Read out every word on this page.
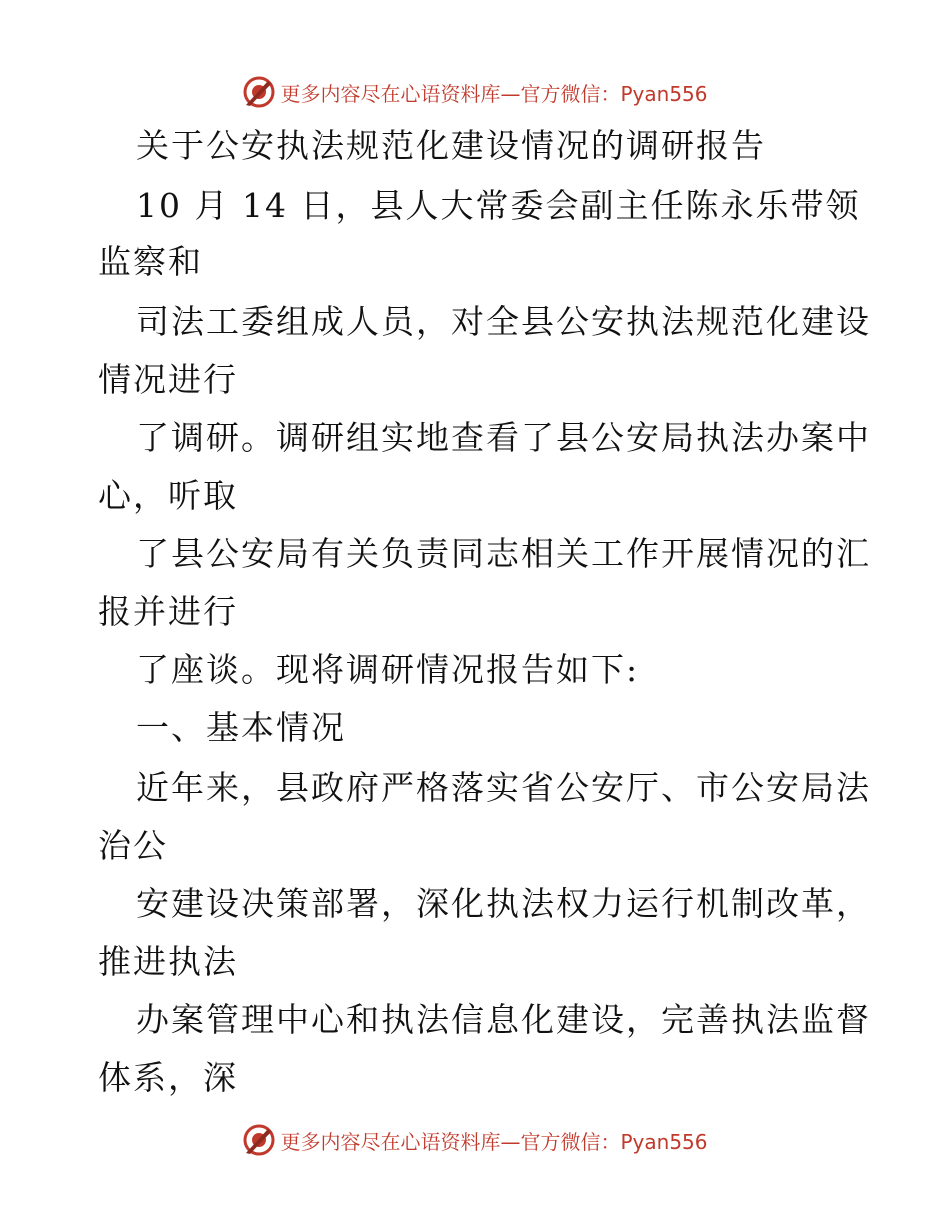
更多内容尽在心语资料库—官方微信：Pyan556
关于公安执法规范化建设情况的调研报告
10 月 14 日，县人大常委会副主任陈永乐带领
监察和
司法工委组成人员，对全县公安执法规范化建设
情况进行
了调研。调研组实地查看了县公安局执法办案中
心，听取
了县公安局有关负责同志相关工作开展情况的汇
报并进行
了座谈。现将调研情况报告如下:
一、基本情况
近年来，县政府严格落实省公安厅、市公安局法
治公
安建设决策部署，深化执法权力运行机制改革，
推进执法
办案管理中心和执法信息化建设，完善执法监督
体系，深
更多内容尽在心语资料库—官方微信：Pyan556
